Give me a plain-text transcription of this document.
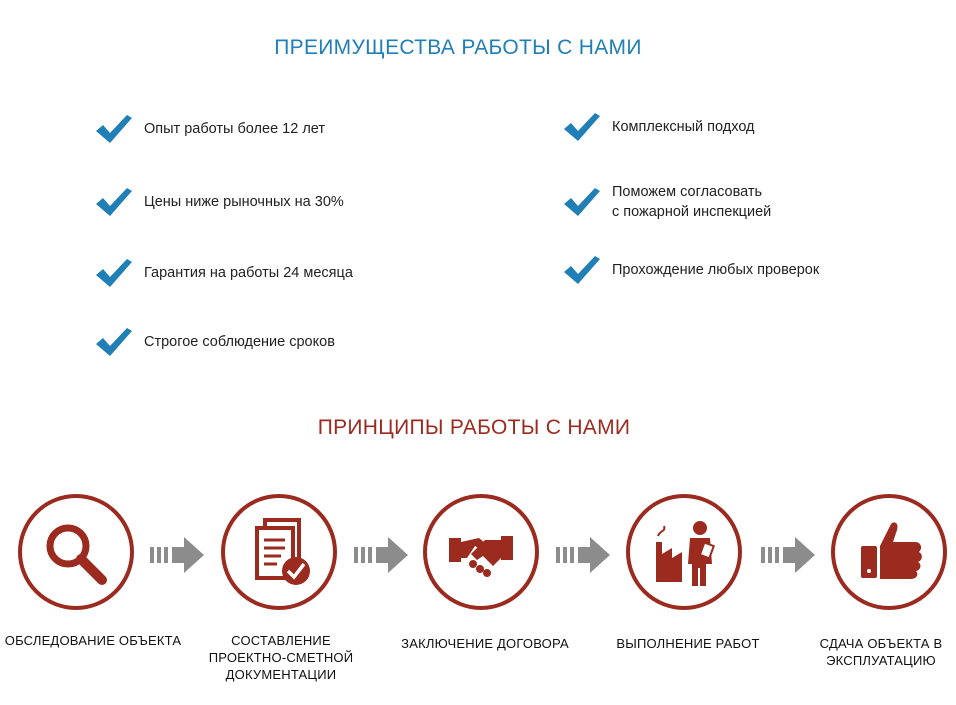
ПРЕИМУЩЕСТВА РАБОТЫ С НАМИ
Опыт работы более 12 лет
Цены ниже рыночных на 30%
Гарантия на работы 24 месяца
Строгое соблюдение сроков
Комплексный подход
Поможем согласовать
с пожарной инспекцией
Прохождение любых проверок
ПРИНЦИПЫ РАБОТЫ С НАМИ
ОБСЛЕДОВАНИЕ ОБЪЕКТА	СОСТАВЛЕНИЕ
ПРОЕКТНО-СМЕТНОЙ
ДОКУМЕНТАЦИИ
ЗАКЛЮЧЕНИЕ ДОГОВОРА	ВЫПОЛНЕНИЕ РАБОТ	СДАЧА ОБЪЕКТА В
ЭКСПЛУАТАЦИЮ
